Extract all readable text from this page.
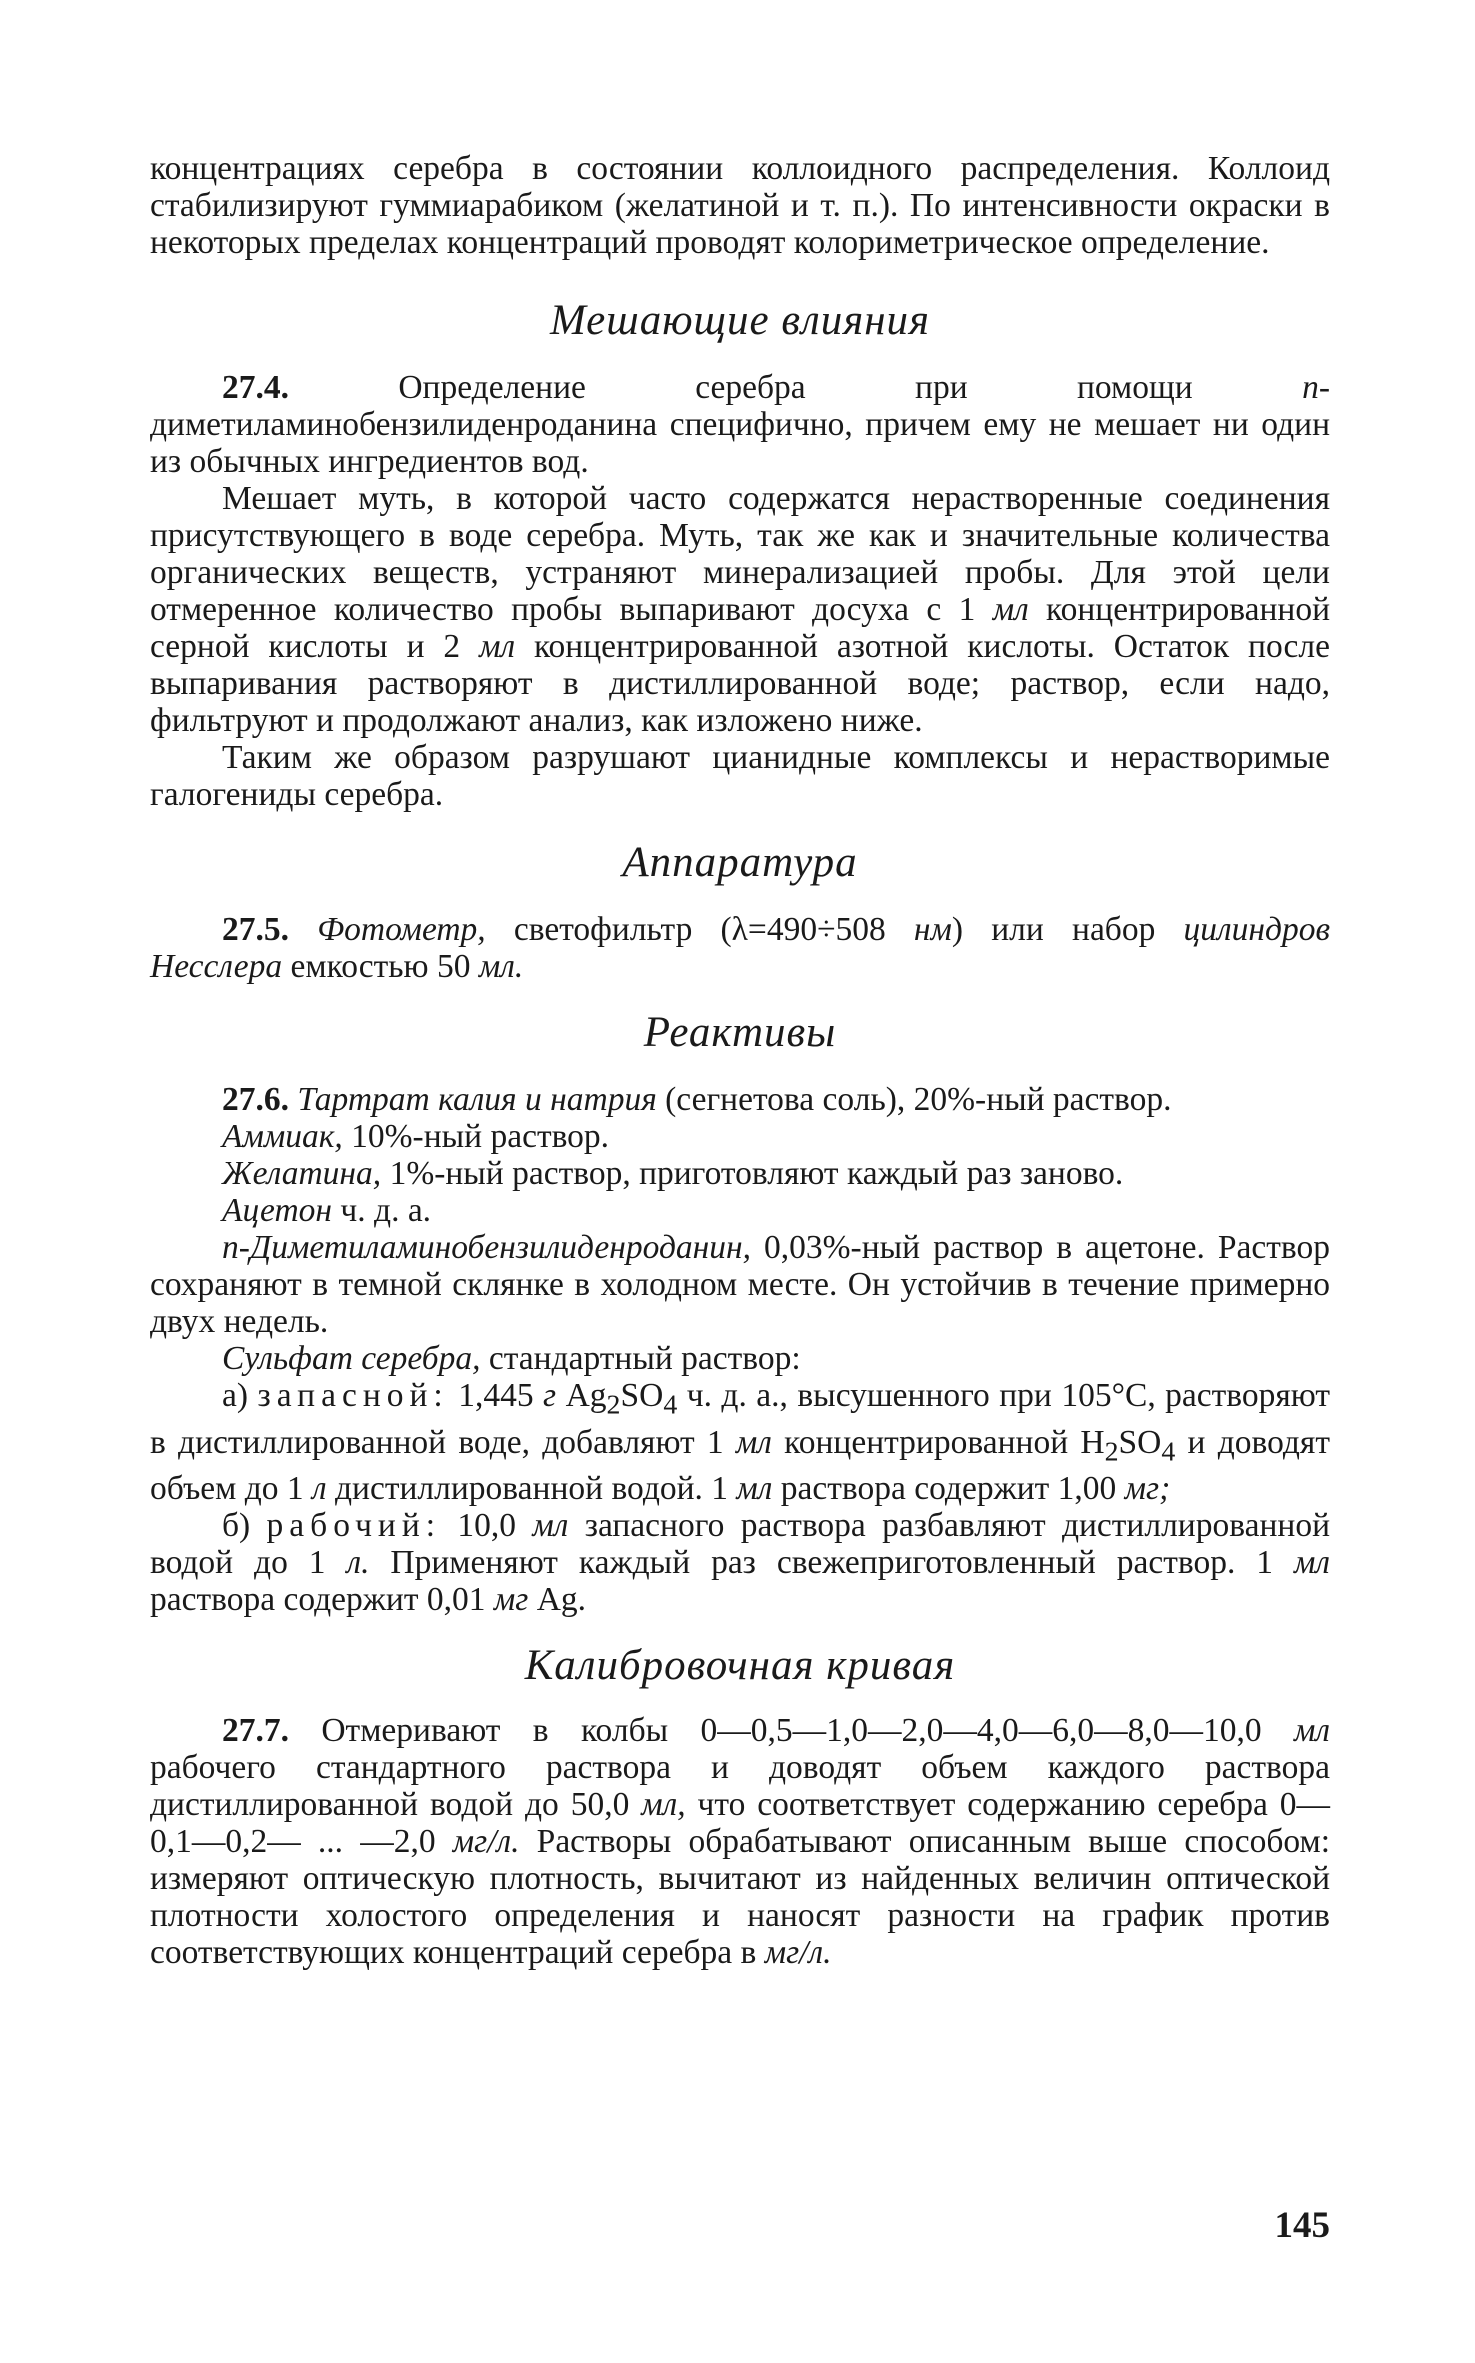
концентрациях серебра в состоянии коллоидного распределения. Коллоид стабилизируют гуммиарабиком (желатиной и т. п.). По интенсивности окраски в некоторых пределах концентраций проводят колориметрическое определение.

Мешающие влияния

27.4. Определение серебра при помощи n-диметиламинобензилиденроданина специфично, причем ему не мешает ни один из обычных ингредиентов вод.

Мешает муть, в которой часто содержатся нерастворенные соединения присутствующего в воде серебра. Муть, так же как и значительные количества органических веществ, устраняют минерализацией пробы. Для этой цели отмеренное количество пробы выпаривают досуха с 1 мл концентрированной серной кислоты и 2 мл концентрированной азотной кислоты. Остаток после выпаривания растворяют в дистиллированной воде; раствор, если надо, фильтруют и продолжают анализ, как изложено ниже.

Таким же образом разрушают цианидные комплексы и нерастворимые галогениды серебра.

Аппаратура

27.5. Фотометр, светофильтр (λ=490÷508 нм) или набор цилиндров Несслера емкостью 50 мл.

Реактивы

27.6. Тартрат калия и натрия (сегнетова соль), 20%-ный раствор.

Аммиак, 10%-ный раствор.

Желатина, 1%-ный раствор, приготовляют каждый раз заново.

Ацетон ч. д. а.

n-Диметиламинобензилиденроданин, 0,03%-ный раствор в ацетоне. Раствор сохраняют в темной склянке в холодном месте. Он устойчив в течение примерно двух недель.

Сульфат серебра, стандартный раствор:

а) запасной: 1,445 г $Ag_2SO_4$ ч. д. а., высушенного при 105°С, растворяют в дистиллированной воде, добавляют 1 мл концентрированной $H_2SO_4$ и доводят объем до 1 л дистиллированной водой. 1 мл раствора содержит 1,00 мг;

б) рабочий: 10,0 мл запасного раствора разбавляют дистиллированной водой до 1 л. Применяют каждый раз свежеприготовленный раствор. 1 мл раствора содержит 0,01 мг Ag.

Калибровочная кривая

27.7. Отмеривают в колбы 0—0,5—1,0—2,0—4,0—6,0—8,0—10,0 мл рабочего стандартного раствора и доводят объем каждого раствора дистиллированной водой до 50,0 мл, что соответствует содержанию серебра 0—0,1—0,2— ... —2,0 мг/л. Растворы обрабатывают описанным выше способом: измеряют оптическую плотность, вычитают из найденных величин оптической плотности холостого определения и наносят разности на график против соответствующих концентраций серебра в мг/л.

145
